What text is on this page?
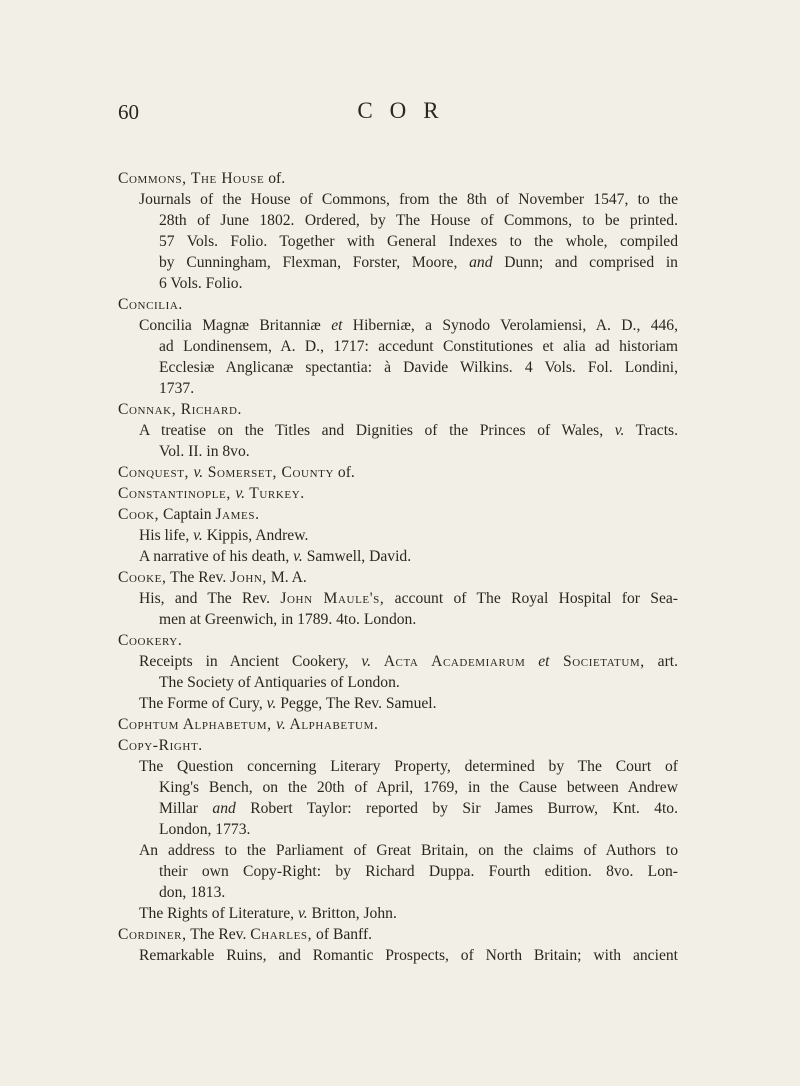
60	COR
Commons, The House of.
Journals of the House of Commons, from the 8th of November 1547, to the
28th of June 1802. Ordered, by The House of Commons, to be printed.
57 Vols. Folio. Together with General Indexes to the whole, compiled
by Cunningham, Flexman, Forster, Moore, and Dunn; and comprised in
6 Vols. Folio.
Concilia.
Concilia Magnæ Britanniæ et Hiberniæ, a Synodo Verolamiensi, A. D., 446,
ad Londinensem, A. D., 1717: accedunt Constitutiones et alia ad historiam
Ecclesiæ Anglicanæ spectantia: à Davide Wilkins. 4 Vols. Fol. Londini,
1737.
Connak, Richard.
A treatise on the Titles and Dignities of the Princes of Wales, v. Tracts.
Vol. II. in 8vo.
Conquest, v. Somerset, County of.
Constantinople, v. Turkey.
Cook, Captain James.
His life, v. Kippis, Andrew.
A narrative of his death, v. Samwell, David.
Cooke, The Rev. John, M. A.
His, and The Rev. John Maule's, account of The Royal Hospital for Sea-
men at Greenwich, in 1789. 4to. London.
Cookery.
Receipts in Ancient Cookery, v. Acta Academiarum et Societatum, art.
The Society of Antiquaries of London.
The Forme of Cury, v. Pegge, The Rev. Samuel.
Cophtum Alphabetum, v. Alphabetum.
Copy-Right.
The Question concerning Literary Property, determined by The Court of
King's Bench, on the 20th of April, 1769, in the Cause between Andrew
Millar and Robert Taylor: reported by Sir James Burrow, Knt. 4to.
London, 1773.
An address to the Parliament of Great Britain, on the claims of Authors to
their own Copy-Right: by Richard Duppa. Fourth edition. 8vo. Lon-
don, 1813.
The Rights of Literature, v. Britton, John.
Cordiner, The Rev. Charles, of Banff.
Remarkable Ruins, and Romantic Prospects, of North Britain; with ancient
